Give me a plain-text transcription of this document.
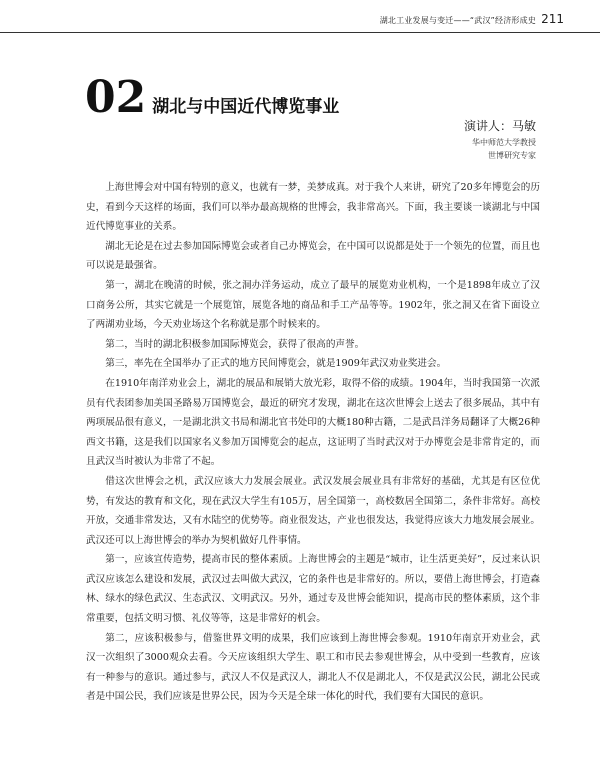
湖北工业发展与变迁——“武汉”经济形成史 211
02 湖北与中国近代博览事业
演讲人：马敏
华中师范大学教授
世博研究专家

上海世博会对中国有特别的意义，也就有一梦，美梦成真。对于我个人来讲，研究了20多年博览会的历史，看到今天这样的场面，我们可以举办最高规格的世博会，我非常高兴。下面，我主要谈一谈湖北与中国近代博览事业的关系。

湖北无论是在过去参加国际博览会或者自己办博览会，在中国可以说都是处于一个领先的位置，而且也可以说是最强省。

第一，湖北在晚清的时候，张之洞办洋务运动，成立了最早的展览劝业机构，一个是1898年成立了汉口商务公所，其实它就是一个展览馆，展览各地的商品和手工产品等等。1902年，张之洞又在省下面设立了两湖劝业场，今天劝业场这个名称就是那个时候来的。

第二，当时的湖北积极参加国际博览会，获得了很高的声誉。

第三，率先在全国举办了正式的地方民间博览会，就是1909年武汉劝业奖进会。

在1910年南洋劝业会上，湖北的展品和展销大放光彩，取得不俗的成绩。1904年，当时我国第一次派员有代表团参加美国圣路易万国博览会，最近的研究才发现，湖北在这次世博会上送去了很多展品，其中有两项展品很有意义，一是湖北洪文书局和湖北官书处印的大概180种古籍，二是武昌洋务局翻译了大概26种西文书籍，这是我们以国家名义参加万国博览会的起点，这证明了当时武汉对于办博览会是非常肯定的，而且武汉当时被认为非常了不起。

借这次世博会之机，武汉应该大力发展会展业。武汉发展会展业具有非常好的基础，尤其是有区位优势，有发达的教育和文化，现在武汉大学生有105万，居全国第一，高校数居全国第二，条件非常好。高校开放，交通非常发达，又有水陆空的优势等。商业很发达，产业也很发达，我觉得应该大力地发展会展业。武汉还可以上海世博会的举办为契机做好几件事情。

第一，应该宣传造势，提高市民的整体素质。上海世博会的主题是“城市，让生活更美好”，反过来认识武汉应该怎么建设和发展，武汉过去叫做大武汉，它的条件也是非常好的。所以，要借上海世博会，打造森林、绿水的绿色武汉、生态武汉、文明武汉。另外，通过专及世博会能知识，提高市民的整体素质，这个非常重要，包括文明习惯、礼仪等等，这是非常好的机会。

第二，应该积极参与，借鉴世界文明的成果，我们应该到上海世博会参观。1910年南京开劝业会，武汉一次组织了3000观众去看。今天应该组织大学生、职工和市民去参观世博会，从中受到一些教育，应该有一种参与的意识。通过参与，武汉人不仅是武汉人，湖北人不仅是湖北人，不仅是武汉公民，湖北公民或者是中国公民，我们应该是世界公民，因为今天是全球一体化的时代，我们要有大国民的意识。
